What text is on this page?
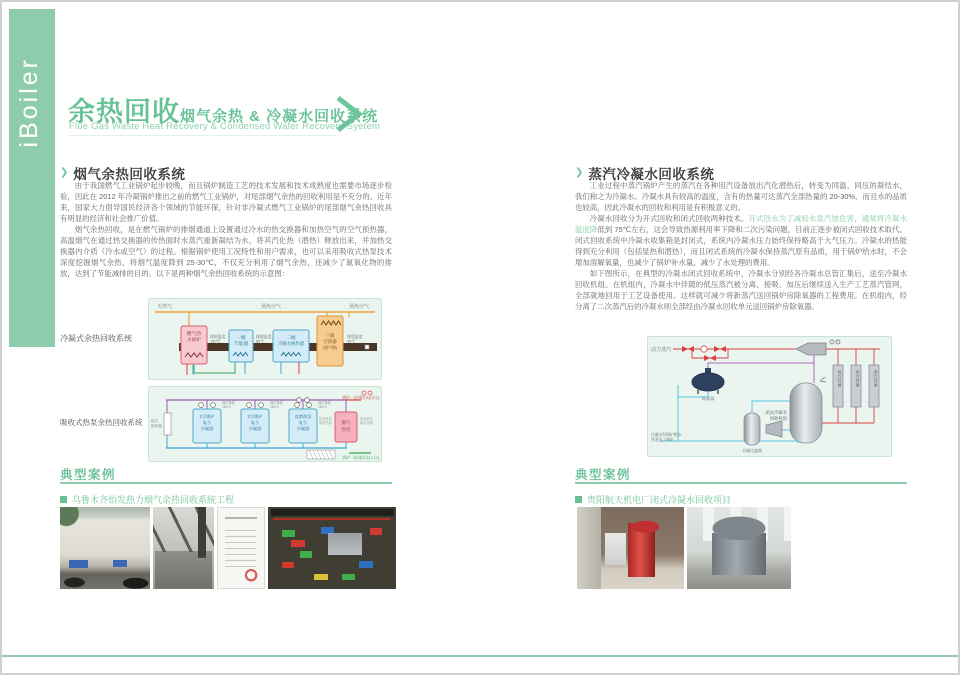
iBoiler 余热回收烟气余热 & 冷凝水回收系统
Flue Gas Waste Heat Recovery & Condensed Water Recovery Syetem
❯ 烟气余热回收系统

由于我国燃气工业锅炉起步较晚，而且锅炉制造工艺的技术发展和技术成熟度也需要市场逐步检验，因此在 2012 年冷凝锅炉推出之前的燃气工业锅炉，对尾部烟气余热的回收利用是不充分的。近年来，国家大力倡导国民经济各个领域的节能环保，针对非冷凝式燃气工业锅炉的尾部烟气余热回收具有明显的经济和社会推广价值。

烟气余热回收，是在燃气锅炉的排烟通道上设置通过冷水的热交换器和加热空气的空气预热器，高温烟气在通过热交换器的传热面时水蒸汽重新凝结为水，将其汽化热（潜热）释放出来，并加热交换器内介质（冷水或空气）的过程。根据锅炉使用工况特性和用户需求，也可以采用吸收式热泵技术深度挖掘烟气余热，将烟气温度降到 25-30℃，不仅充分利用了烟气余热，还减少了氮氧化物的排放，达到了节能减排的目的。以下是两种烟气余热回收系统的示意图：

冷凝式余热回收系统
天然气	预热空气	预热空气
燃气热
水锅炉
排烟温度
150℃	一级
节能器
排烟温度
80℃	二级
冷凝水换热器
三级
空预器
(烟气侧)
排烟温度
40℃
吸收式热泵余热回收系统 板式
换热器
1号锅炉
复合
冷凝器
锅炉排烟
<50℃
2号锅炉
复合
冷凝器
锅炉排烟
<50℃
直燃热泵
复合
冷凝器
锅炉排烟
<50℃
烟气
热泵
热泵机组
驱动热源
热泵机组
输出热源
锅炉一次网回水(出口)
锅炉一次网回水(入口)
典型案例
乌鲁木齐怡发热力烟气余热回收系统工程
❯ 蒸汽冷凝水回收系统

工业过程中蒸汽锅炉产生的蒸汽在各种用汽设备放出汽化潜热后，转变为同温、同压的凝结水，我们称之为冷凝水。冷凝水具有较高的温度，含有的热量可达蒸汽全部热量的 20-30%，而且水的品质也较高，因此冷凝水的回收和利用是有积极意义的。

冷凝水回收分为开式回收和闭式回收两种技术。开式回水为了减轻水泵汽蚀危害，通常将冷凝水温度降低到 75℃左右，这会导致热源利用率下降和二次污染问题，目前正逐步被闭式回收技术取代。闭式回收系统中冷凝水收集箱是封闭式，系统内冷凝水压力始终保持略高于大气压力。冷凝水的热能得到充分利用（包括显热和潜热），而且闭式系统的冷凝水保持蒸汽原有品质，用于锅炉给水时，不会增加溶解氧量，也减少了锅炉补水量，减少了水处理的费用。

如下图所示，在典型的冷凝水闭式回收系统中，冷凝水分别经各冷凝水总管汇集后，送至冷凝水回收机组。在机组内，冷凝水中伴随的低压蒸汽被分离、接吸、加压后继续送入生产工艺蒸汽管网，全部就地回用于工艺设备使用。这样就可减少将新蒸汽送回锅炉房除氧器的工程费用。在机组内，经分离了二次蒸汽后的冷凝水则全部经由冷凝水回收单元送回锅炉房除氧器。

动力蒸汽
用汽设备	用汽设备	用汽设备
闭式冷凝水
回收机组
除氧器
水箱过滤器
冷凝水经锅炉给水
管道送入锅炉
典型案例
贵阳航天机电厂闭式冷凝水回收项目
